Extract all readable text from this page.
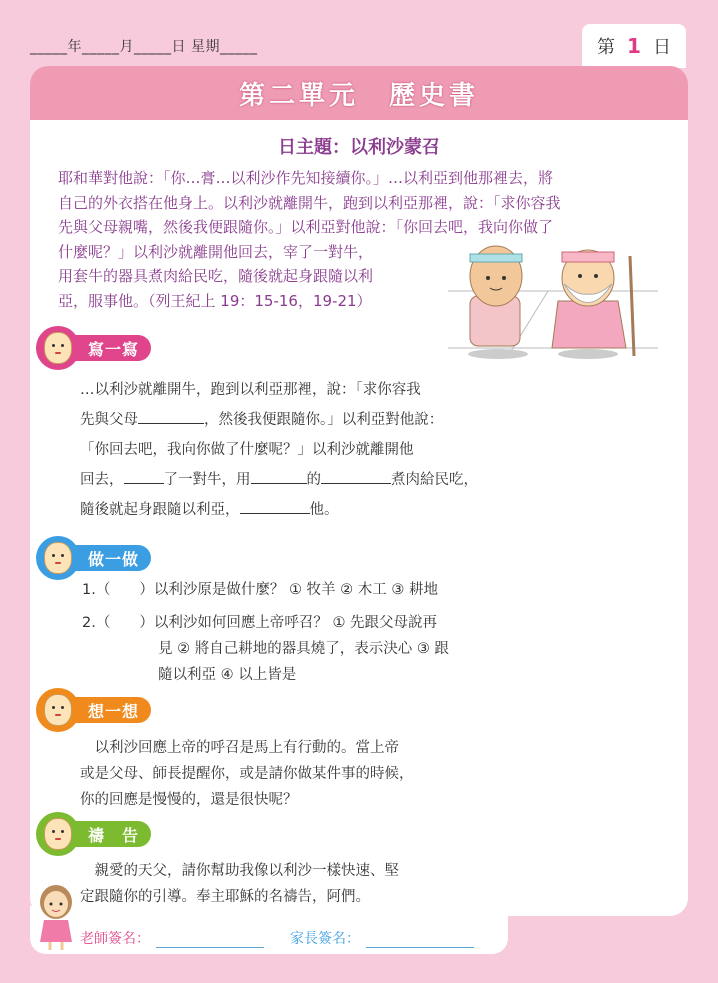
_____年_____月_____日 星期_____	第 1 日
第二單元　歷史書
日主題：以利沙蒙召
耶和華對他說：「你…膏…以利沙作先知接續你。」…以利亞到他那裡去，將
自己的外衣搭在他身上。以利沙就離開牛，跑到以利亞那裡，說：「求你容我
先與父母親嘴，然後我便跟隨你。」以利亞對他說：「你回去吧，我向你做了
什麼呢？」以利沙就離開他回去，宰了一對牛，
用套牛的器具煮肉給民吃，隨後就起身跟隨以利
亞，服事他。（列王紀上 19：15-16，19-21）
寫一寫
…以利沙就離開牛，跑到以利亞那裡，說：「求你容我
先與父母	，然後我便跟隨你。」以利亞對他說：
「你回去吧，我向你做了什麼呢？」以利沙就離開他
回去，	了一對牛，用	的	煮肉給民吃，
隨後就起身跟隨以利亞，	他。
做一做
1.（　　）以利沙原是做什麼？ ① 牧羊 ② 木工 ③ 耕地
2.（　　）以利沙如何回應上帝呼召？ ① 先跟父母說再
見 ② 將自己耕地的器具燒了，表示決心 ③ 跟
隨以利亞 ④ 以上皆是
想一想
　以利沙回應上帝的呼召是馬上有行動的。當上帝
或是父母、師長提醒你，或是請你做某件事的時候，
你的回應是慢慢的，還是很快呢？
禱　告
　親愛的天父，請你幫助我像以利沙一樣快速、堅
定跟隨你的引導。奉主耶穌的名禱告，阿們。
老師簽名：	家長簽名：
